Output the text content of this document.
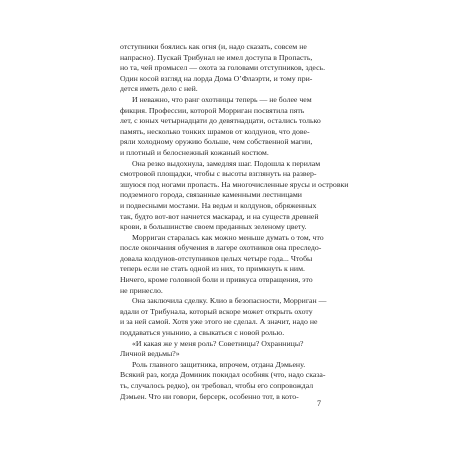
отступники боялись как огня (и, надо сказать, совсем не
напрасно). Пускай Трибунал не имел доступа в Пропасть,
но та, чей промысел — охота за головами отступников, здесь.
Один косой взгляд на лорда Дома О’Флаэрти, и тому при-
дется иметь дело с ней.
И неважно, что ранг охотницы теперь — не более чем
фикция. Профессии, которой Морриган посвятила пять
лет, с юных четырнадцати до девятнадцати, остались только
память, несколько тонких шрамов от колдунов, что дове-
ряли холодному оружию больше, чем собственной магии,
и плотный и белоснежный кожаный костюм.
Она резко выдохнула, замедляя шаг. Подошла к перилам
смотровой площадки, чтобы с высоты взглянуть на развер-
зшуюся под ногами пропасть. На многочисленные ярусы и островки
подземного города, связанные каменными лестницами
и подвесными мостами. На ведьм и колдунов, обряженных
так, будто вот-вот начнется маскарад, и на существ древней
крови, в большинстве своем преданных зеленому цвету.
Морриган старалась как можно меньше думать о том, что
после окончания обучения в лагере охотников она преследо-
довала колдунов-отступников целых четыре года... Чтобы
теперь если не стать одной из них, то примкнуть к ним.
Ничего, кроме головной боли и привкуса отвращения, это
не принесло.
Она заключила сделку. Клио в безопасности, Морриган —
вдали от Трибунала, который вскоре может открыть охоту
и за ней самой. Хотя уже этого не сделал. А значит, надо не
поддаваться унынию, а свыкаться с новой ролью.
«И какая же у меня роль? Советницы? Охранницы?
Личной ведьмы?»
Роль главного защитника, впрочем, отдана Дэмьену.
Всякий раз, когда Доминик покидал особняк (что, надо сказа-
ть, случалось редко), он требовал, чтобы его сопровождал
Дэмьен. Что ни говори, берсерк, особенно тот, в кото-
7
